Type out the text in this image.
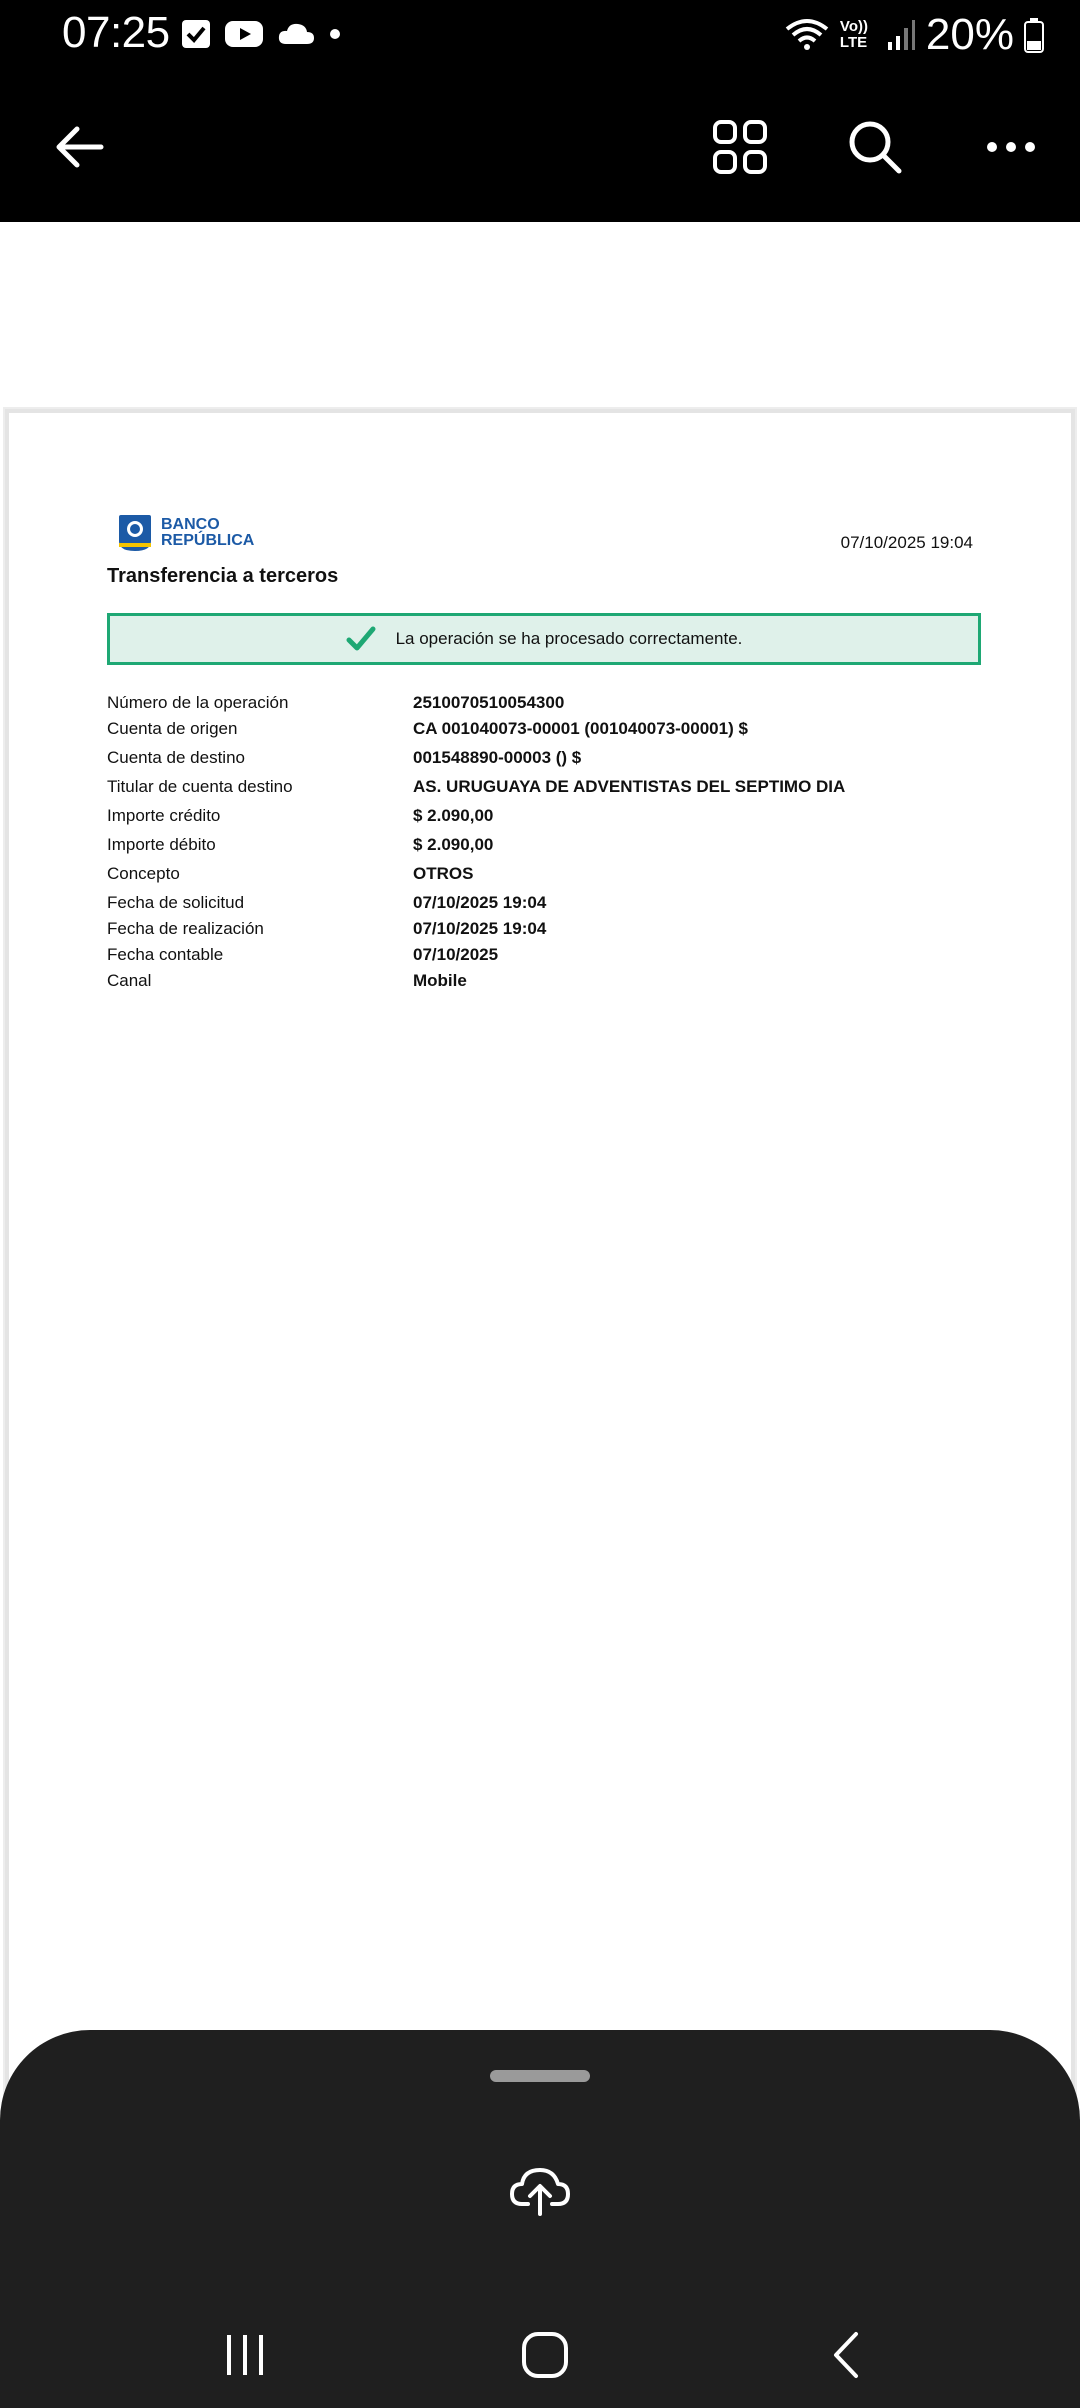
07:25	Vo)) LTE 20%
BANCO
REPÚBLICA	07/10/2025 19:04
Transferencia a terceros
La operación se ha procesado correctamente.
Número de la operación	2510070510054300
Cuenta de origen	CA 001040073-00001 (001040073-00001) $
Cuenta de destino	001548890-00003 () $
Titular de cuenta destino	AS. URUGUAYA DE ADVENTISTAS DEL SEPTIMO DIA
Importe crédito	$ 2.090,00
Importe débito	$ 2.090,00
Concepto	OTROS
Fecha de solicitud	07/10/2025 19:04
Fecha de realización	07/10/2025 19:04
Fecha contable	07/10/2025
Canal	Mobile
